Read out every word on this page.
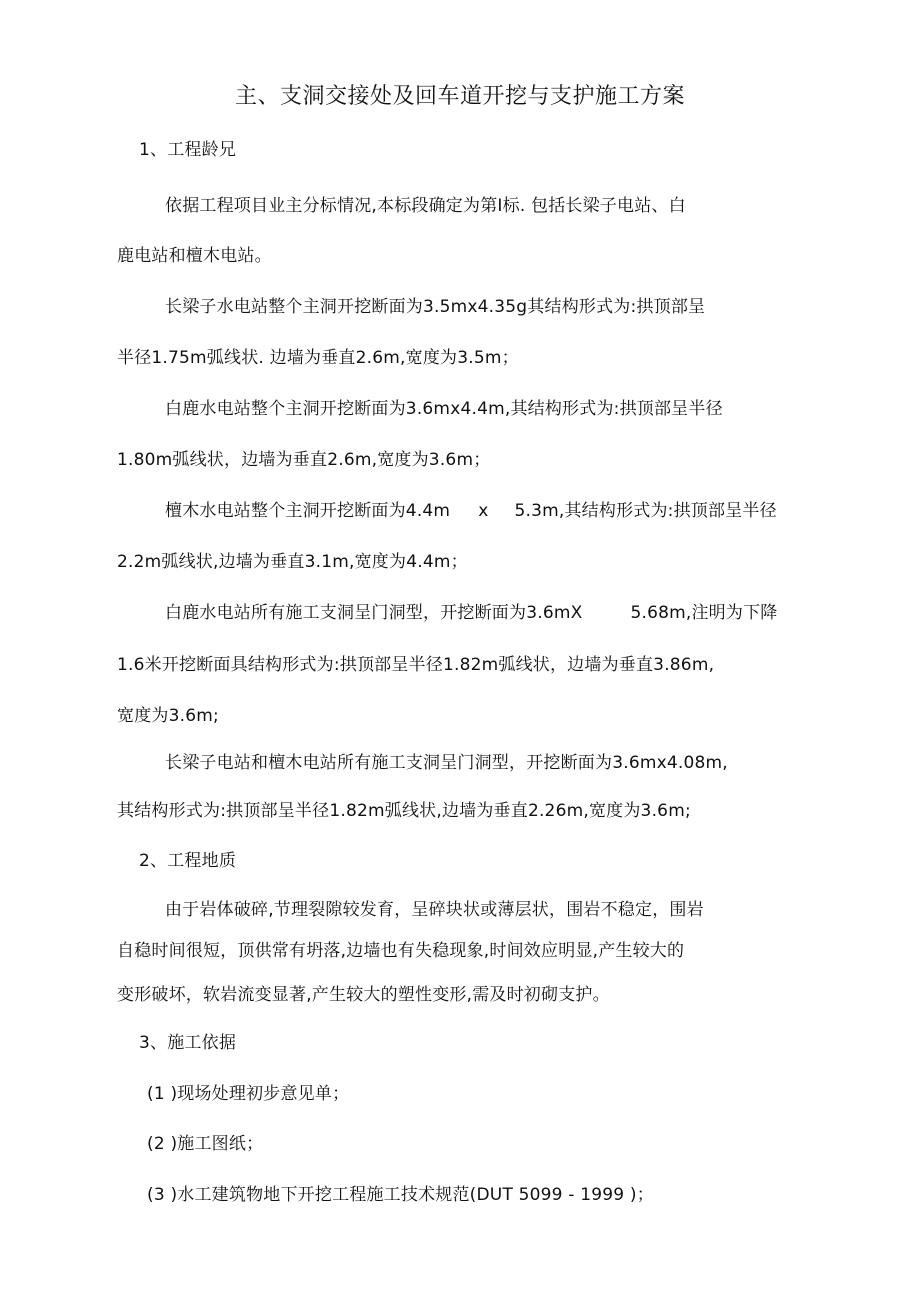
主、支洞交接处及回车道开挖与支护施工方案
1、工程龄兄
依据工程项目业主分标情况,本标段确定为第I标. 包括长梁子电站、白
鹿电站和檀木电站。
长梁子水电站整个主洞开挖断面为3.5mx4.35g其结构形式为:拱顶部呈
半径1.75m弧线状. 边墙为垂直2.6m,宽度为3.5m；
白鹿水电站整个主洞开挖断面为3.6mx4.4m,其结构形式为:拱顶部呈半径
1.80m弧线状，边墙为垂直2.6m,宽度为3.6m；
檀木水电站整个主洞开挖断面为4.4m x 5.3m,其结构形式为:拱顶部呈半径
2.2m弧线状,边墙为垂直3.1m,宽度为4.4m；
白鹿水电站所有施工支洞呈门洞型，开挖断面为3.6mX	5.68m,注明为下降
1.6米开挖断面具结构形式为:拱顶部呈半径1.82m弧线状，边墙为垂直3.86m,
宽度为3.6m;
长梁子电站和檀木电站所有施工支洞呈门洞型，开挖断面为3.6mx4.08m,
其结构形式为:拱顶部呈半径1.82m弧线状,边墙为垂直2.26m,宽度为3.6m;
2、工程地质
由于岩体破碎,节理裂隙较发育，呈碎块状或薄层状，围岩不稳定，围岩
自稳时间很短，顶供常有坍落,边墙也有失稳现象,时间效应明显,产生较大的
变形破坏，软岩流变显著,产生较大的塑性变形,需及时初砌支护。
3、施工依据
(1 )现场处理初步意见单；
(2 )施工图纸；
(3 )水工建筑物地下开挖工程施工技术规范(DUT 5099 - 1999 )；
